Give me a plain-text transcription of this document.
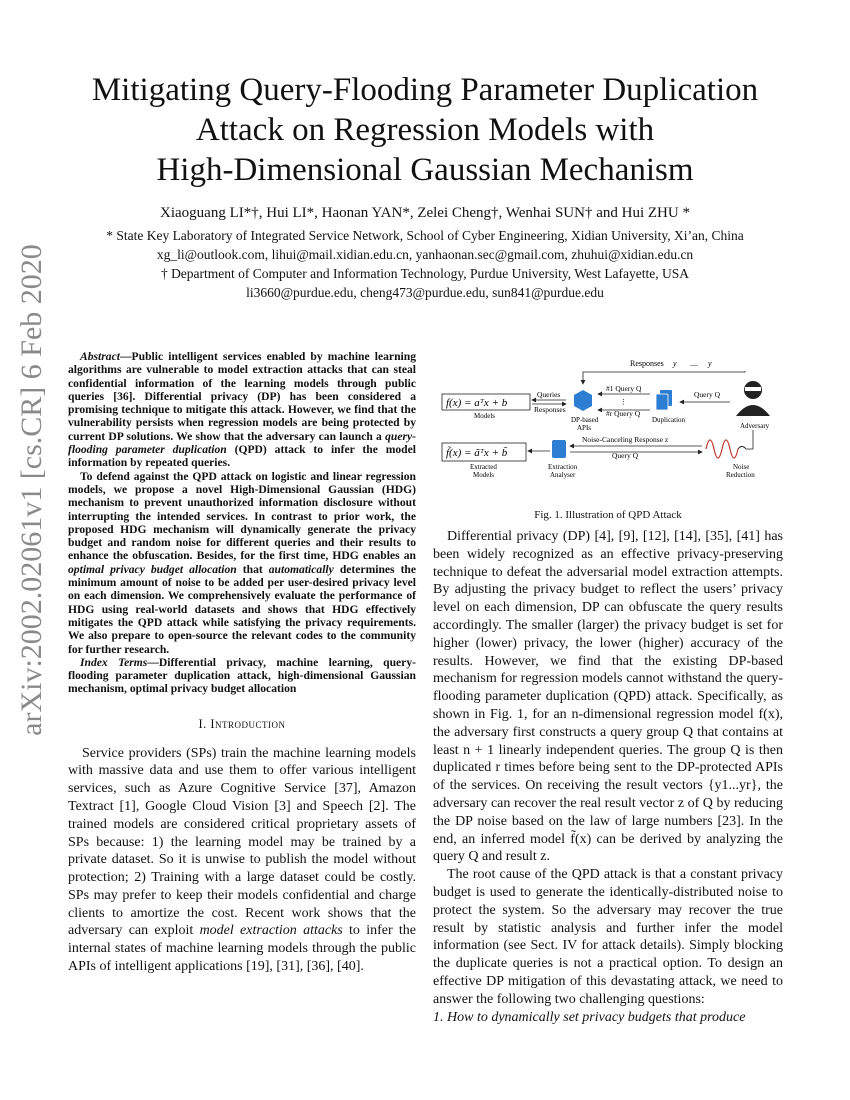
arXiv:2002.02061v1 [cs.CR] 6 Feb 2020
Mitigating Query-Flooding Parameter Duplication
Attack on Regression Models with
High-Dimensional Gaussian Mechanism
Xiaoguang LI*†, Hui LI*, Haonan YAN*, Zelei Cheng†, Wenhai SUN† and Hui ZHU *
* State Key Laboratory of Integrated Service Network, School of Cyber Engineering, Xidian University, Xi’an, China
xg_li@outlook.com, lihui@mail.xidian.edu.cn, yanhaonan.sec@gmail.com, zhuhui@xidian.edu.cn
† Department of Computer and Information Technology, Purdue University, West Lafayette, USA
li3660@purdue.edu, cheng473@purdue.edu, sun841@purdue.edu

Abstract—Public intelligent services enabled by machine learning algorithms are vulnerable to model extraction attacks that can steal confidential information of the learning models through public queries [36]. Differential privacy (DP) has been considered a promising technique to mitigate this attack. However, we find that the vulnerability persists when regression models are being protected by current DP solutions. We show that the adversary can launch a query-flooding parameter duplication (QPD) attack to infer the model information by repeated queries.

To defend against the QPD attack on logistic and linear regression models, we propose a novel High-Dimensional Gaussian (HDG) mechanism to prevent unauthorized information disclosure without interrupting the intended services. In contrast to prior work, the proposed HDG mechanism will dynamically generate the privacy budget and random noise for different queries and their results to enhance the obfuscation. Besides, for the first time, HDG enables an optimal privacy budget allocation that automatically determines the minimum amount of noise to be added per user-desired privacy level on each dimension. We comprehensively evaluate the performance of HDG using real-world datasets and shows that HDG effectively mitigates the QPD attack while satisfying the privacy requirements. We also prepare to open-source the relevant codes to the community for further research.

Index Terms—Differential privacy, machine learning, query-flooding parameter duplication attack, high-dimensional Gaussian mechanism, optimal privacy budget allocation

I. Introduction

Service providers (SPs) train the machine learning models with massive data and use them to offer various intelligent services, such as Azure Cognitive Service [37], Amazon Textract [1], Google Cloud Vision [3] and Speech [2]. The trained models are considered critical proprietary assets of SPs because: 1) the learning model may be trained by a private dataset. So it is unwise to publish the model without protection; 2) Training with a large dataset could be costly. SPs may prefer to keep their models confidential and charge clients to amortize the cost. Recent work shows that the adversary can exploit model extraction attacks to infer the internal states of machine learning models through the public APIs of intelligent applications [19], [31], [36], [40].

Responses y .... y
f(x) = aᵀx + b
Models
Queries
Responses
DP-based
APIs
#1 Query Q
⋮
#r Query Q
Duplication
Query Q
Adversary
f̃(x) = ãᵀx + b̃
Extracted
Models
Extraction
Analyser
Noise-Canceling Response z
Query Q
Noise
Reduction
Fig. 1. Illustration of QPD Attack

Differential privacy (DP) [4], [9], [12], [14], [35], [41] has been widely recognized as an effective privacy-preserving technique to defeat the adversarial model extraction attempts. By adjusting the privacy budget to reflect the users’ privacy level on each dimension, DP can obfuscate the query results accordingly. The smaller (larger) the privacy budget is set for higher (lower) privacy, the lower (higher) accuracy of the results. However, we find that the existing DP-based mechanism for regression models cannot withstand the query-flooding parameter duplication (QPD) attack. Specifically, as shown in Fig. 1, for an n-dimensional regression model f(x), the adversary first constructs a query group Q that contains at least n + 1 linearly independent queries. The group Q is then duplicated r times before being sent to the DP-protected APIs of the services. On receiving the result vectors {y1...yr}, the adversary can recover the real result vector z of Q by reducing the DP noise based on the law of large numbers [23]. In the end, an inferred model f̃(x) can be derived by analyzing the query Q and result z.

The root cause of the QPD attack is that a constant privacy budget is used to generate the identically-distributed noise to protect the system. So the adversary may recover the true result by statistic analysis and further infer the model information (see Sect. IV for attack details). Simply blocking the duplicate queries is not a practical option. To design an effective DP mitigation of this devastating attack, we need to answer the following two challenging questions:

1. How to dynamically set privacy budgets that produce
